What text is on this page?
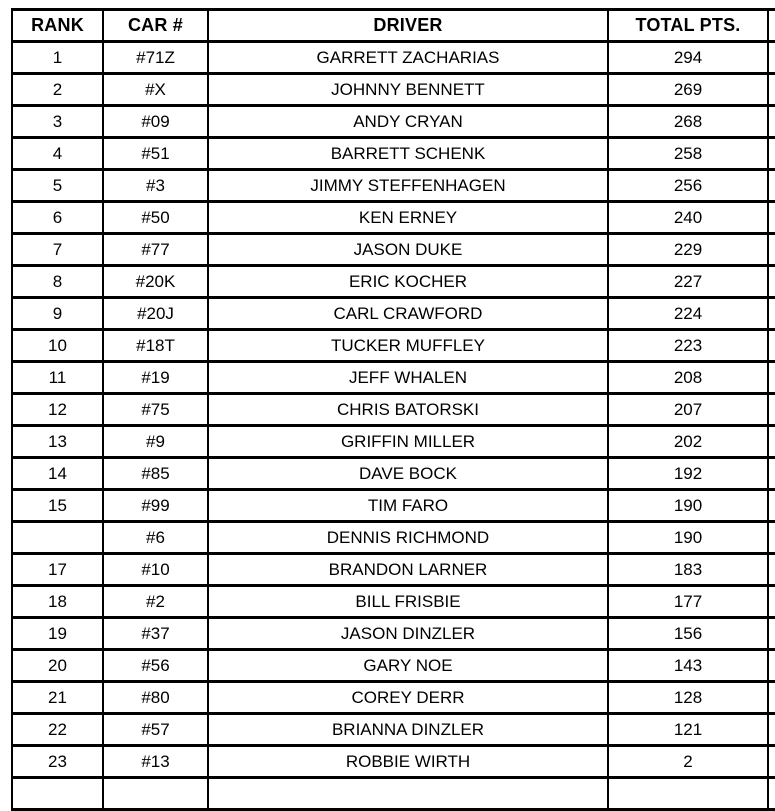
RANK	CAR #	DRIVER	TOTAL PTS.	
1	#71Z	GARRETT ZACHARIAS	294	
2	#X	JOHNNY BENNETT	269	
3	#09	ANDY CRYAN	268	
4	#51	BARRETT SCHENK	258	
5	#3	JIMMY STEFFENHAGEN	256	
6	#50	KEN ERNEY	240	
7	#77	JASON DUKE	229	
8	#20K	ERIC KOCHER	227	
9	#20J	CARL CRAWFORD	224	
10	#18T	TUCKER MUFFLEY	223	
11	#19	JEFF WHALEN	208	
12	#75	CHRIS BATORSKI	207	
13	#9	GRIFFIN MILLER	202	
14	#85	DAVE BOCK	192	
15	#99	TIM FARO	190	
	#6	DENNIS RICHMOND	190	
17	#10	BRANDON LARNER	183	
18	#2	BILL FRISBIE	177	
19	#37	JASON DINZLER	156	
20	#56	GARY NOE	143	
21	#80	COREY DERR	128	
22	#57	BRIANNA DINZLER	121	
23	#13	ROBBIE WIRTH	2	
